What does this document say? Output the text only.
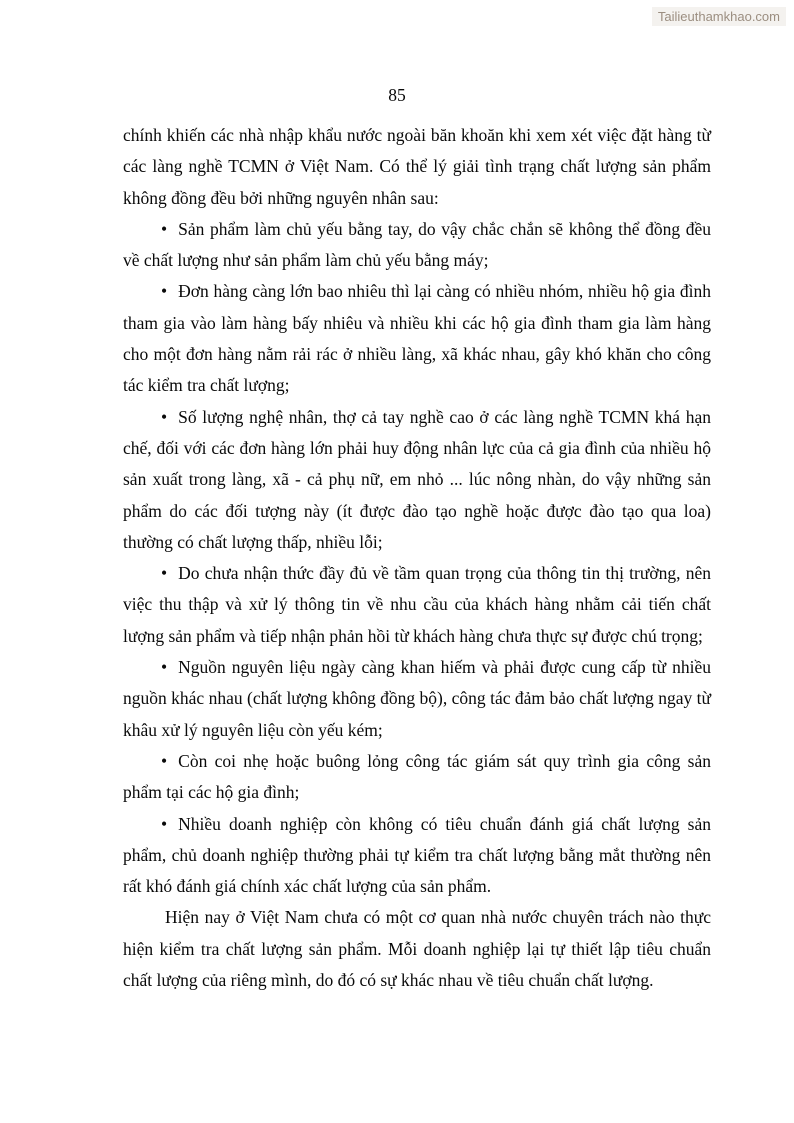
Tailieuthamkhao.com
85

chính khiến các nhà nhập khẩu nước ngoài băn khoăn khi xem xét việc đặt hàng từ các làng nghề TCMN ở Việt Nam. Có thể lý giải tình trạng chất lượng sản phẩm không đồng đều bởi những nguyên nhân sau:

• Sản phẩm làm chủ yếu bằng tay, do vậy chắc chắn sẽ không thể đồng đều về chất lượng như sản phẩm làm chủ yếu bằng máy;

• Đơn hàng càng lớn bao nhiêu thì lại càng có nhiều nhóm, nhiều hộ gia đình tham gia vào làm hàng bấy nhiêu và nhiều khi các hộ gia đình tham gia làm hàng cho một đơn hàng nằm rải rác ở nhiều làng, xã khác nhau, gây khó khăn cho công tác kiểm tra chất lượng;

• Số lượng nghệ nhân, thợ cả tay nghề cao ở các làng nghề TCMN khá hạn chế, đối với các đơn hàng lớn phải huy động nhân lực của cả gia đình của nhiều hộ sản xuất trong làng, xã - cả phụ nữ, em nhỏ ... lúc nông nhàn, do vậy những sản phẩm do các đối tượng này (ít được đào tạo nghề hoặc được đào tạo qua loa) thường có chất lượng thấp, nhiều lỗi;

• Do chưa nhận thức đầy đủ về tầm quan trọng của thông tin thị trường, nên việc thu thập và xử lý thông tin về nhu cầu của khách hàng nhằm cải tiến chất lượng sản phẩm và tiếp nhận phản hồi từ khách hàng chưa thực sự được chú trọng;

• Nguồn nguyên liệu ngày càng khan hiếm và phải được cung cấp từ nhiều nguồn khác nhau (chất lượng không đồng bộ), công tác đảm bảo chất lượng ngay từ khâu xử lý nguyên liệu còn yếu kém;

• Còn coi nhẹ hoặc buông lỏng công tác giám sát quy trình gia công sản phẩm tại các hộ gia đình;

• Nhiều doanh nghiệp còn không có tiêu chuẩn đánh giá chất lượng sản phẩm, chủ doanh nghiệp thường phải tự kiểm tra chất lượng bằng mắt thường nên rất khó đánh giá chính xác chất lượng của sản phẩm.

Hiện nay ở Việt Nam chưa có một cơ quan nhà nước chuyên trách nào thực hiện kiểm tra chất lượng sản phẩm. Mỗi doanh nghiệp lại tự thiết lập tiêu chuẩn chất lượng của riêng mình, do đó có sự khác nhau về tiêu chuẩn chất lượng.
